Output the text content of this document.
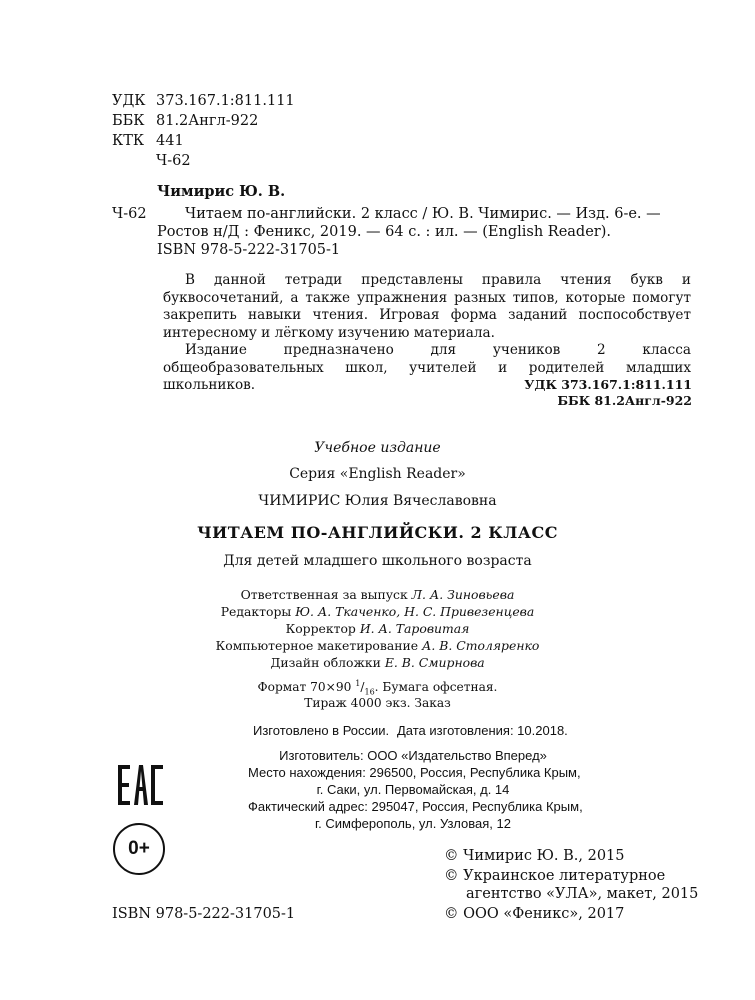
УДК 373.167.1:811.111
ББК 81.2Англ-922
КТК 441
Ч-62
Чимирис Ю. В.
Ч-62	Читаем по-английски. 2 класс / Ю. В. Чимирис. — Изд. 6-е. —
Ростов н/Д : Феникс, 2019. — 64 с. : ил. — (English Reader).
ISBN 978-5-222-31705-1

В данной тетради представлены правила чтения букв и буквосочетаний, а также упражнения разных типов, которые помогут закрепить навыки чтения. Игровая форма заданий поспособствует интересному и лёгкому изучению материала.

Издание предназначено для учеников 2 класса общеобразовательных школ, учителей и родителей младших школьников.	УДК 373.167.1:811.111
ББК 81.2Англ-922
Учебное издание
Серия «English Reader»
ЧИМИРИС Юлия Вячеславовна
ЧИТАЕМ ПО-АНГЛИЙСКИ. 2 КЛАСС
Для детей младшего школьного возраста
Ответственная за выпуск Л. А. Зиновьева
Редакторы Ю. А. Ткаченко, Н. С. Привезенцева
Корректор И. А. Таровитая
Компьютерное макетирование А. В. Столяренко
Дизайн обложки Е. В. Смирнова
Формат 70×90 $^1/_{16}$. Бумага офсетная.
Тираж 4000 экз. Заказ
Изготовлено в России. Дата изготовления: 10.2018.
Изготовитель: ООО «Издательство Вперед»
Место нахождения: 296500, Россия, Республика Крым,
г. Саки, ул. Первомайская, д. 14
Фактический адрес: 295047, Россия, Республика Крым,
г. Симферополь, ул. Узловая, 12
0+	© Чимирис Ю. В., 2015
© Украинское литературное
агентство «УЛА», макет, 2015
© ООО «Феникс», 2017
ISBN 978-5-222-31705-1
